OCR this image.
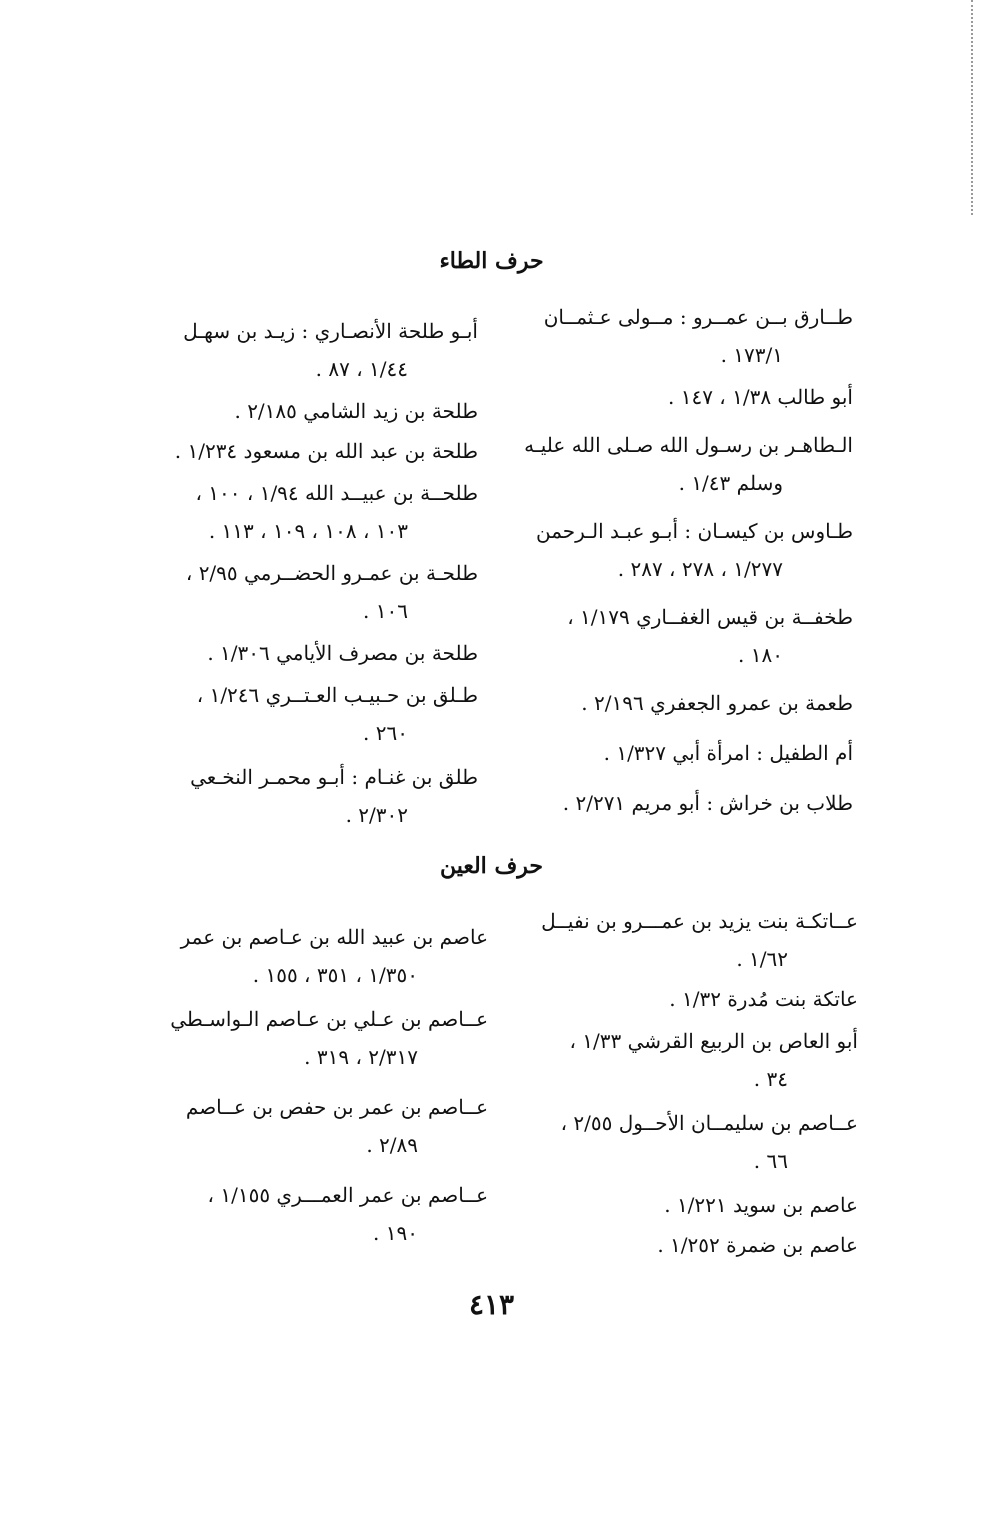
حرف الطاء
طــارق بــن عمــرو : مــولى عـثمــان
١٧٣/١ .
أبو طالب ١/٣٨ ، ١٤٧ .
الـطاهـر بن رسـول الله صـلى الله عليـه
وسلم ١/٤٣ .
طـاوس بن كيسـان : أبـو عبـد الـرحمن
١/٢٧٧ ، ٢٧٨ ، ٢٨٧ .
طخفــة بن قيس الغفــاري ١/١٧٩ ،
١٨٠ .
طعمة بن عمرو الجعفري ٢/١٩٦ .
أم الطفيل : امرأة أبي ١/٣٢٧ .
طلاب بن خراش : أبو مريم ٢/٢٧١ .
أبـو طلحة الأنصـاري : زيـد بن سهـل
١/٤٤ ، ٨٧ .
طلحة بن زيد الشامي ٢/١٨٥ .
طلحة بن عبد الله بن مسعود ١/٢٣٤ .
طلحــة بن عبيــد الله ١/٩٤ ، ١٠٠ ،
١٠٣ ، ١٠٨ ، ١٠٩ ، ١١٣ .
طلحـة بن عمـرو الحضــرمي ٢/٩٥ ،
١٠٦ .
طلحة بن مصرف الأيامي ١/٣٠٦ .
طـلق بن حـبيـب العـتــري ١/٢٤٦ ،
٢٦٠ .
طلق بن غنـام : أبـو محمـر النخـعي
٢/٣٠٢ .
حرف العين
عــاتكـة بنت يزيد بن عمـــرو بن نفيــل
١/٦٢ .
عاتكة بنت مُدرة ١/٣٢ .
أبو العاص بن الربيع القرشي ١/٣٣ ،
٣٤ .
عــاصم بن سليمــان الأحــول ٢/٥٥ ،
٦٦ .
عاصم بن سويد ١/٢٢١ .
عاصم بن ضمرة ١/٢٥٢ .
عاصم بن عبيد الله بن عـاصم بن عمر
١/٣٥٠ ، ٣٥١ ، ١٥٥ .
عــاصم بن عـلي بن عـاصم الـواسـطي
٢/٣١٧ ، ٣١٩ .
عــاصم بن عمر بن حفص بن عــاصم
٢/٨٩ .
عــاصم بن عمر العمـــري ١/١٥٥ ،
١٩٠ .
٤١٣
